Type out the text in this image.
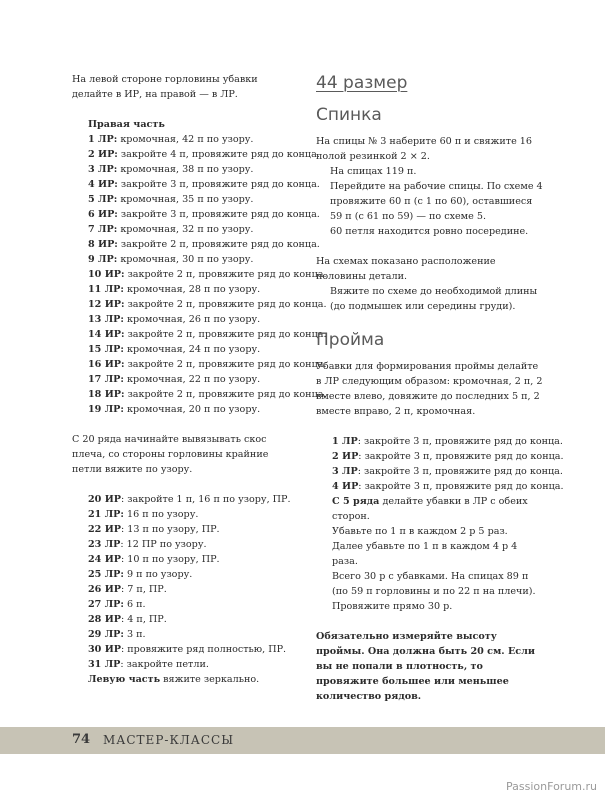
На левой стороне горловины убавки делайте в ИР, на правой — в ЛР.

Правая часть

1 ЛР: кромочная, 42 п по узору.

2 ИР: закройте 4 п, провяжите ряд до конца.

3 ЛР: кромочная, 38 п по узору.

4 ИР: закройте 3 п, провяжите ряд до конца.

5 ЛР: кромочная, 35 п по узору.

6 ИР: закройте 3 п, провяжите ряд до конца.

7 ЛР: кромочная, 32 п по узору.

8 ИР: закройте 2 п, провяжите ряд до конца.

9 ЛР: кромочная, 30 п по узору.

10 ИР: закройте 2 п, провяжите ряд до конца.

11 ЛР: кромочная, 28 п по узору.

12 ИР: закройте 2 п, провяжите ряд до конца.

13 ЛР: кромочная, 26 п по узору.

14 ИР: закройте 2 п, провяжите ряд до конца.

15 ЛР: кромочная, 24 п по узору.

16 ИР: закройте 2 п, провяжите ряд до конца.

17 ЛР: кромочная, 22 п по узору.

18 ИР: закройте 2 п, провяжите ряд до конца.

19 ЛР: кромочная, 20 п по узору.

С 20 ряда начинайте вывязывать скос плеча, со стороны горловины крайние петли вяжите по узору.

20 ИР: закройте 1 п, 16 п по узору, ПР.

21 ЛР: 16 п по узору.

22 ИР: 13 п по узору, ПР.

23 ЛР: 12 ПР по узору.

24 ИР: 10 п по узору, ПР.

25 ЛР: 9 п по узору.

26 ИР: 7 п, ПР.

27 ЛР: 6 п.

28 ИР: 4 п, ПР.

29 ЛР: 3 п.

30 ИР: провяжите ряд полностью, ПР.

31 ЛР: закройте петли.

Левую часть вяжите зеркально.

44 размер
Спинка

На спицы № 3 наберите 60 п и свяжите 16 полой резинкой 2 × 2.

На спицах 119 п.

Перейдите на рабочие спицы. По схеме 4 провяжите 60 п (с 1 по 60), оставшиеся 59 п (с 61 по 59) — по схеме 5.

60 петля находится ровно посередине.

На схемах показано расположение половины детали.

Вяжите по схеме до необходимой длины (до подмышек или середины груди).

Пройма

Убавки для формирования проймы делайте в ЛР следующим образом: кромочная, 2 п, 2 вместе влево, довяжите до последних 5 п, 2 вместе вправо, 2 п, кромочная.

1 ЛР: закройте 3 п, провяжите ряд до конца.

2 ИР: закройте 3 п, провяжите ряд до конца.

3 ЛР: закройте 3 п, провяжите ряд до конца.

4 ИР: закройте 3 п, провяжите ряд до конца.

С 5 ряда делайте убавки в ЛР с обеих сторон.

Убавьте по 1 п в каждом 2 р 5 раз.

Далее убавьте по 1 п в каждом 4 р 4 раза.

Всего 30 р с убавками. На спицах 89 п (по 59 п горловины и по 22 п на плечи).

Провяжите прямо 30 р.

Обязательно измеряйте высоту проймы. Она должна быть 20 см. Если вы не попали в плотность, то провяжите большее или меньшее количество рядов.

74 МАСТЕР-КЛАССЫ
PassionForum.ru
